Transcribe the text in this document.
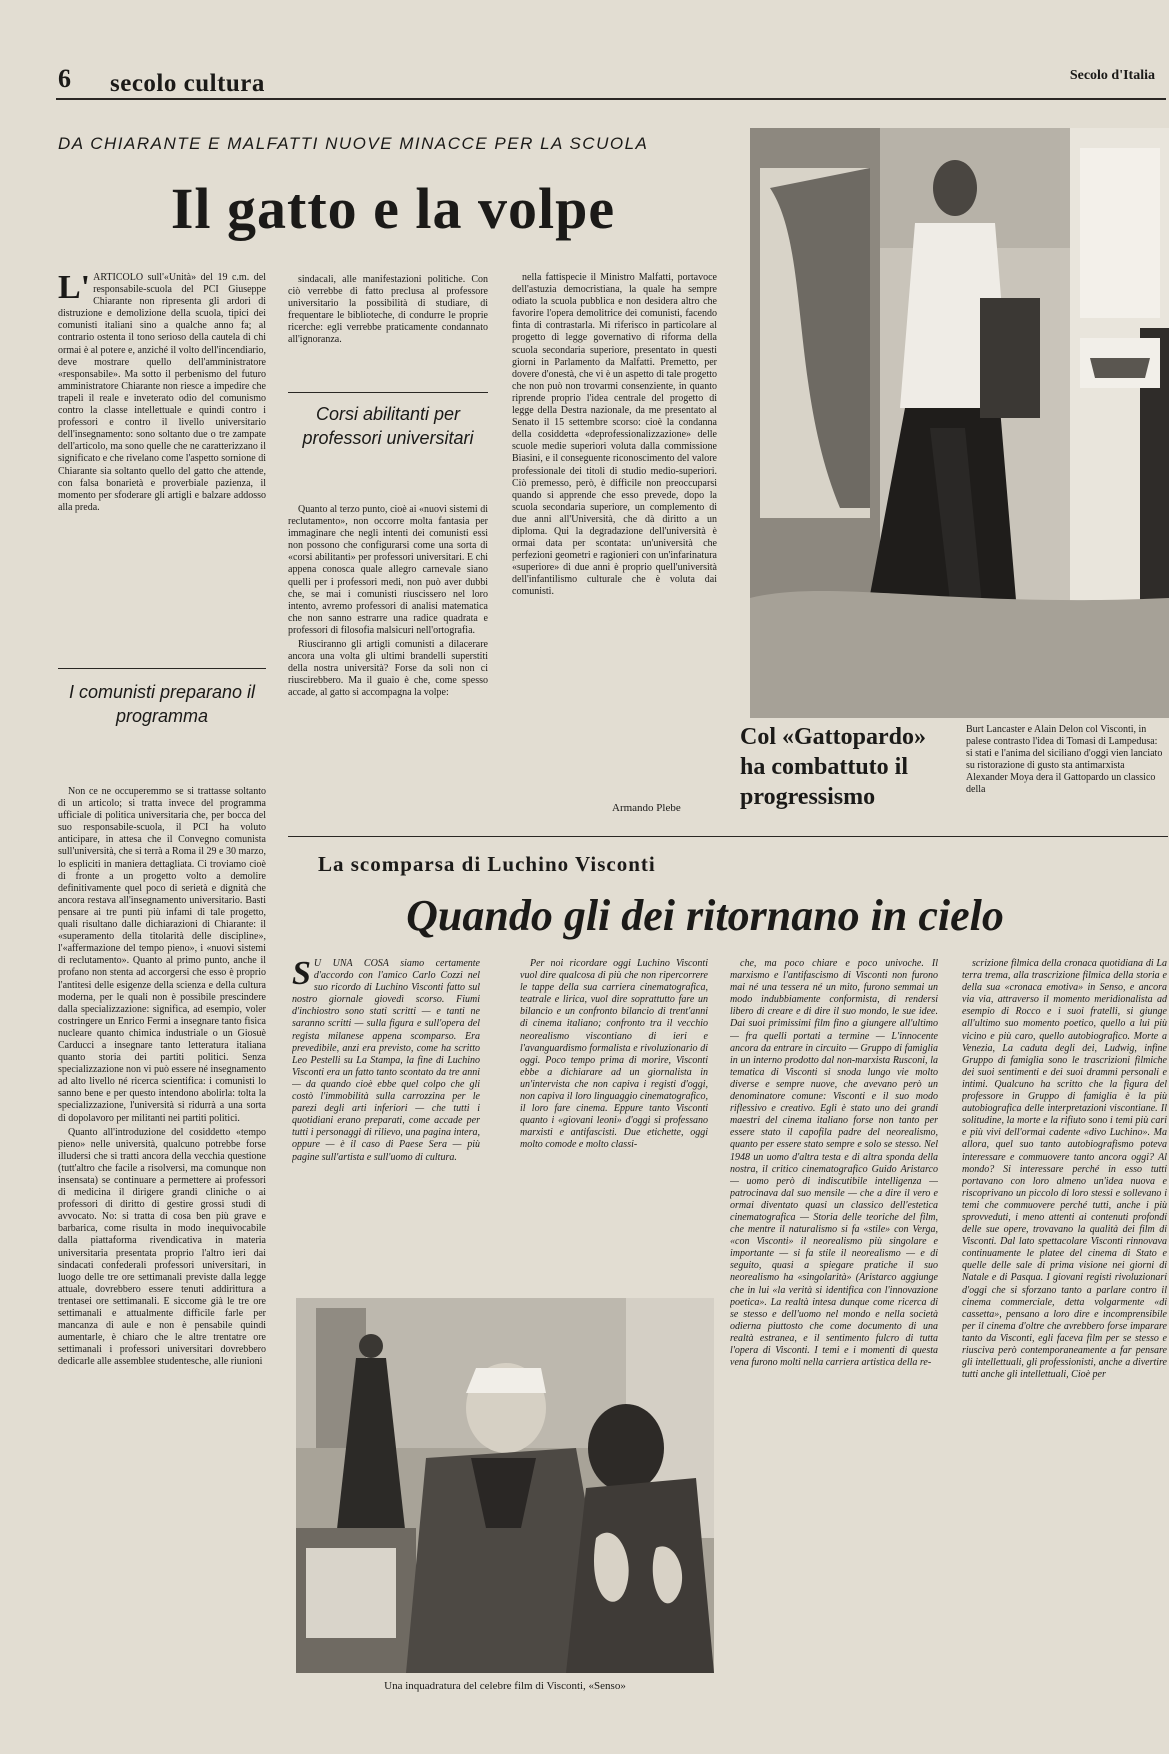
6 secolo cultura	Secolo d'Italia
DA CHIARANTE E MALFATTI NUOVE MINACCE PER LA SCUOLA
Il gatto e la volpe
L' ARTICOLO sull'«Unità» del 19 c.m. del responsabile-scuola del PCI Giuseppe Chiarante non ripresenta gli ardori di distruzione e demolizione della scuola, tipici dei comunisti italiani sino a qualche anno fa; al contrario ostenta il tono serioso della cautela di chi ormai è al potere e, anziché il volto dell'incendiario, deve mostrare quello dell'amministratore «responsabile». Ma sotto il perbenismo del futuro amministratore Chiarante non riesce a impedire che trapeli il reale e inveterato odio del comunismo contro la classe intellettuale e quindi contro i professori e contro il livello universitario dell'insegnamento: sono soltanto due o tre zampate dell'articolo, ma sono quelle che ne caratterizzano il significato e che rivelano come l'aspetto sornione di Chiarante sia soltanto quello del gatto che attende, con falsa bonarietà e proverbiale pazienza, il momento per sfoderare gli artigli e balzare addosso alla preda.
I comunisti preparano il programma

Non ce ne occuperemmo se si trattasse soltanto di un articolo; si tratta invece del programma ufficiale di politica universitaria che, per bocca del suo responsabile-scuola, il PCI ha voluto anticipare, in attesa che il Convegno comunista sull'università, che si terrà a Roma il 29 e 30 marzo, lo espliciti in maniera dettagliata. Ci troviamo cioè di fronte a un progetto volto a demolire definitivamente quel poco di serietà e dignità che ancora restava all'insegnamento universitario. Basti pensare ai tre punti più infami di tale progetto, quali risultano dalle dichiarazioni di Chiarante: il «superamento della titolarità delle discipline», l'«affermazione del tempo pieno», i «nuovi sistemi di reclutamento». Quanto al primo punto, anche il profano non stenta ad accorgersi che esso è proprio l'antitesi delle esigenze della scienza e della cultura moderna, per le quali non è possibile prescindere dalla specializzazione: significa, ad esempio, voler costringere un Enrico Fermi a insegnare tanto fisica nucleare quanto chimica industriale o un Giosuè Carducci a insegnare tanto letteratura italiana quanto storia dei partiti politici. Senza specializzazione non vi può essere né insegnamento ad alto livello né ricerca scientifica: i comunisti lo sanno bene e per questo intendono abolirla: tolta la specializzazione, l'università si ridurrà a una sorta di dopolavoro per militanti nei partiti politici.

Quanto all'introduzione del cosiddetto «tempo pieno» nelle università, qualcuno potrebbe forse illudersi che si tratti ancora della vecchia questione (tutt'altro che facile a risolversi, ma comunque non insensata) se continuare a permettere ai professori di medicina il dirigere grandi cliniche o ai professori di diritto di gestire grossi studi di avvocato. No: si tratta di cosa ben più grave e barbarica, come risulta in modo inequivocabile dalla piattaforma rivendicativa in materia universitaria presentata proprio l'altro ieri dai sindacati confederali professori universitari, in luogo delle tre ore settimanali previste dalla legge attuale, dovrebbero essere tenuti addirittura a trentasei ore settimanali. E siccome già le tre ore settimanali e attualmente difficile farle per mancanza di aule e non è pensabile quindi aumentarle, è chiaro che le altre trentatre ore settimanali i professori universitari dovrebbero dedicarle alle assemblee studentesche, alle riunioni

sindacali, alle manifestazioni politiche. Con ciò verrebbe di fatto preclusa al professore universitario la possibilità di studiare, di frequentare le biblioteche, di condurre le proprie ricerche: egli verrebbe praticamente condannato all'ignoranza.

Corsi abilitanti per professori universitari

Quanto al terzo punto, cioè ai «nuovi sistemi di reclutamento», non occorre molta fantasia per immaginare che negli intenti dei comunisti essi non possono che configurarsi come una sorta di «corsi abilitanti» per professori universitari. E chi appena conosca quale allegro carnevale siano quelli per i professori medi, non può aver dubbi che, se mai i comunisti riuscissero nel loro intento, avremo professori di analisi matematica che non sanno estrarre una radice quadrata e professori di filosofia malsicuri nell'ortografia.

Riusciranno gli artigli comunisti a dilacerare ancora una volta gli ultimi brandelli superstiti della nostra università? Forse da soli non ci riuscirebbero. Ma il guaio è che, come spesso accade, al gatto si accompagna la volpe:

nella fattispecie il Ministro Malfatti, portavoce dell'astuzia democristiana, la quale ha sempre odiato la scuola pubblica e non desidera altro che favorire l'opera demolitrice dei comunisti, facendo finta di contrastarla. Mi riferisco in particolare al progetto di legge governativo di riforma della scuola secondaria superiore, presentato in questi giorni in Parlamento da Malfatti. Premetto, per dovere d'onestà, che vi è un aspetto di tale progetto che non può non trovarmi consenziente, in quanto riprende proprio l'idea centrale del progetto di legge della Destra nazionale, da me presentato al Senato il 15 settembre scorso: cioè la condanna della cosiddetta «deprofessionalizzazione» delle scuole medie superiori voluta dalla commissione Biasini, e il conseguente riconoscimento del valore professionale dei titoli di studio medio-superiori. Ciò premesso, però, è difficile non preoccuparsi quando si apprende che esso prevede, dopo la scuola secondaria superiore, un complemento di due anni all'Università, che dà diritto a un diploma. Qui la degradazione dell'università è ormai data per scontata: un'università che perfezioni geometri e ragionieri con un'infarinatura «superiore» di due anni è proprio quell'università dell'infantilismo culturale che è voluta dai comunisti.

Armando Plebe
Col «Gattopardo» ha combattuto il progressismo
Burt Lancaster e Alain Delon col Visconti, in palese contrasto l'idea di Tomasi di Lampedusa: si stati e l'anima del siciliano d'oggi vien lanciato su ristorazione di gusto sta antimarxista Alexander Moya dera il Gattopardo un classico della
La scomparsa di Luchino Visconti
Quando gli dei ritornano in cielo
S U UNA COSA siamo certamente d'accordo con l'amico Carlo Cozzi nel suo ricordo di Luchino Visconti fatto sul nostro giornale giovedì scorso. Fiumi d'inchiostro sono stati scritti — e tanti ne saranno scritti — sulla figura e sull'opera del regista milanese appena scomparso. Era prevedibile, anzi era previsto, come ha scritto Leo Pestelli su La Stampa, la fine di Luchino Visconti era un fatto tanto scontato da tre anni — da quando cioè ebbe quel colpo che gli costò l'immobilità sulla carrozzina per le parezi degli arti inferiori — che tutti i quotidiani erano preparati, come accade per tutti i personaggi di rilievo, una pagina intera, oppure — è il caso di Paese Sera — più pagine sull'artista e sull'uomo di cultura.

Per noi ricordare oggi Luchino Visconti vuol dire qualcosa di più che non ripercorrere le tappe della sua carriera cinematografica, teatrale e lirica, vuol dire soprattutto fare un bilancio e un confronto bilancio di trent'anni di cinema italiano; confronto tra il vecchio neorealismo viscontiano di ieri e l'avanguardismo formalista e rivoluzionario di oggi. Poco tempo prima di morire, Visconti ebbe a dichiarare ad un giornalista in un'intervista che non capiva i registi d'oggi, non capiva il loro linguaggio cinematografico, il loro fare cinema. Eppure tanto Visconti quanto i «giovani leoni» d'oggi si professano marxisti e antifascisti. Due etichette, oggi molto comode e molto classi-

che, ma poco chiare e poco univoche. Il marxismo e l'antifascismo di Visconti non furono mai né una tessera né un mito, furono semmai un modo indubbiamente conformista, di rendersi libero di creare e di dire il suo mondo, le sue idee. Dai suoi primissimi film fino a giungere all'ultimo — fra quelli portati a termine — L'innocente ancora da entrare in circuito — Gruppo di famiglia in un interno prodotto dal non-marxista Rusconi, la tematica di Visconti si snoda lungo vie molto diverse e sempre nuove, che avevano però un denominatore comune: Visconti e il suo modo riflessivo e creativo. Egli è stato uno dei grandi maestri del cinema italiano forse non tanto per essere stato il capofila padre del neorealismo, quanto per essere stato sempre e solo se stesso. Nel 1948 un uomo d'altra testa e di altra sponda della nostra, il critico cinematografico Guido Aristarco — uomo però di indiscutibile intelligenza — patrocinava dal suo mensile — che a dire il vero e ormai diventato quasi un classico dell'estetica cinematografica — Storia delle teoriche del film, che mentre il naturalismo si fa «stile» con Verga, «con Visconti» il neorealismo più singolare e importante — si fa stile il neorealismo — e di seguito, quasi a spiegare pratiche il suo neorealismo ha «singolarità» (Aristarco aggiunge che in lui «la verità si identifica con l'innovazione poetica». La realtà intesa dunque come ricerca di se stesso e dell'uomo nel mondo e nella società odierna piuttosto che come documento di una realtà estranea, e il sentimento fulcro di tutta l'opera di Visconti. I temi e i momenti di questa vena furono molti nella carriera artistica della re-

scrizione filmica della cronaca quotidiana di La terra trema, alla trascrizione filmica della storia e della sua «cronaca emotiva» in Senso, e ancora via via, attraverso il momento meridionalista ad esempio di Rocco e i suoi fratelli, si giunge all'ultimo suo momento poetico, quello a lui più vicino e più caro, quello autobiografico. Morte a Venezia, La caduta degli dei, Ludwig, infine Gruppo di famiglia sono le trascrizioni filmiche dei suoi sentimenti e dei suoi drammi personali e intimi. Qualcuno ha scritto che la figura del professore in Gruppo di famiglia è la più autobiografica delle interpretazioni viscontiane. Il solitudine, la morte e la rifiuto sono i temi più cari e più vivi dell'ormai cadente «divo Luchino». Ma allora, quel suo tanto autobiografismo poteva interessare e commuovere tanto ancora oggi? Al mondo? Si interessare perché in esso tutti portavano con loro almeno un'idea nuova e riscoprivano un piccolo di loro stessi e sollevano i temi che commuovere perché tutti, anche i più sprovveduti, i meno attenti ai contenuti profondi delle sue opere, trovavano la qualità dei film di Visconti. Dal lato spettacolare Visconti rinnovava continuamente le platee del cinema di Stato e quelle delle sale di prima visione nei giorni di Natale e di Pasqua. I giovani registi rivoluzionari d'oggi che si sforzano tanto a parlare contro il cinema commerciale, detta volgarmente «di cassetta», pensano a loro dire e incomprensibile per il cinema d'oltre che avrebbero forse imparare tanto da Visconti, egli faceva film per se stesso e riusciva però contemporaneamente a far pensare gli intellettuali, gli professionisti, anche a divertire tutti anche gli intellettuali, Cioè per

Una inquadratura del celebre film di Visconti, «Senso»
